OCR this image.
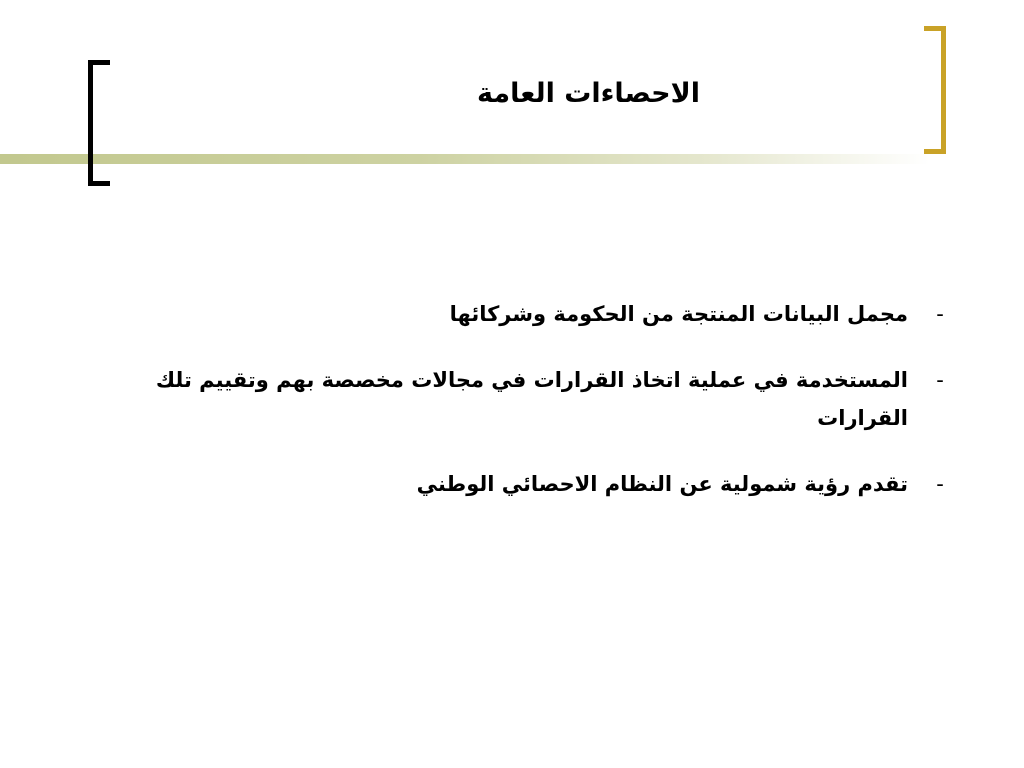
الاحصاءات العامة
-
مجمل البيانات المنتجة من الحكومة وشركائها
-
المستخدمة في عملية اتخاذ القرارات في مجالات مخصصة بهم وتقييم تلك القرارات
-
تقدم رؤية شمولية عن النظام الاحصائي الوطني
